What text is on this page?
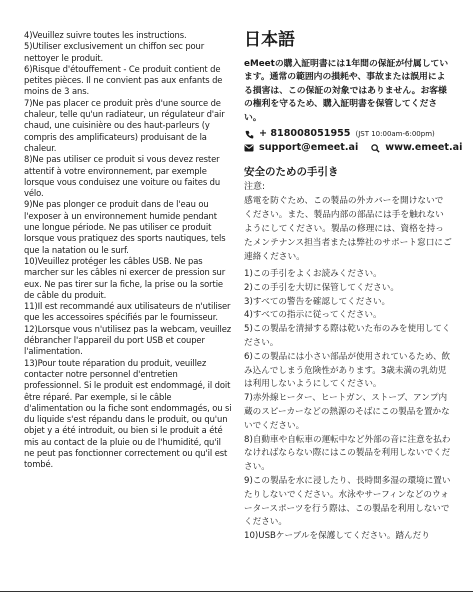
4)Veuillez suivre toutes les instructions.

5)Utiliser exclusivement un chiffon sec pour nettoyer le produit.

6)Risque d'étouffement - Ce produit contient de petites pièces. Il ne convient pas aux enfants de moins de 3 ans.

7)Ne pas placer ce produit près d'une source de chaleur, telle qu'un radiateur, un régulateur d'air chaud, une cuisinière ou des haut-parleurs (y compris des amplificateurs) produisant de la chaleur.

8)Ne pas utiliser ce produit si vous devez rester attentif à votre environnement, par exemple lorsque vous conduisez une voiture ou faites du vélo.

9)Ne pas plonger ce produit dans de l'eau ou l'exposer à un environnement humide pendant une longue période. Ne pas utiliser ce produit lorsque vous pratiquez des sports nautiques, tels que la natation ou le surf.

10)Veuillez protéger les câbles USB. Ne pas marcher sur les câbles ni exercer de pression sur eux. Ne pas tirer sur la fiche, la prise ou la sortie de câble du produit.

11)Il est recommandé aux utilisateurs de n'utiliser que les accessoires spécifiés par le fournisseur.

12)Lorsque vous n'utilisez pas la webcam, veuillez débrancher l'appareil du port USB et couper l'alimentation.

13)Pour toute réparation du produit, veuillez contacter notre personnel d'entretien professionnel. Si le produit est endommagé, il doit être réparé. Par exemple, si le câble d'alimentation ou la fiche sont endommagés, ou si du liquide s'est répandu dans le produit, ou qu'un objet y a été introduit, ou bien si le produit a été mis au contact de la pluie ou de l'humidité, qu'il ne peut pas fonctionner correctement ou qu'il est tombé.

日本語

eMeetの購入証明書には1年間の保証が付属しています。通常の範囲内の損耗や、事故または誤用による損害は、この保証の対象ではありません。お客様の権利を守るため、購入証明書を保管してください。

+ 818008051955 (JST 10:00am-6:00pm)
support@emeet.ai	www.emeet.ai
安全のための手引き

注意:

感電を防ぐため、この製品の外カバーを開けないでください。また、製品内部の部品には手を触れないようにしてください。製品の修理には、資格を持ったメンテナンス担当者または弊社のサポート窓口にご連絡ください。

1)この手引をよくお読みください。

2)この手引を大切に保管してください。

3)すべての警告を確認してください。

4)すべての指示に従ってください。

5)この製品を清掃する際は乾いた布のみを使用してください。

6)この製品には小さい部品が使用されているため、飲み込んでしまう危険性があります。3歳未満の乳幼児は利用しないようにしてください。

7)赤外線ヒーター、ヒートガン、ストーブ、アンプ内蔵のスピーカーなどの熱源のそばにこの製品を置かないでください。

8)自動車や自転車の運転中など外部の音に注意を払わなければならない際にはこの製品を利用しないでください。

9)この製品を水に浸したり、長時間多湿の環境に置いたりしないでください。水泳やサーフィンなどのウォータースポーツを行う際は、この製品を利用しないでください。

10)USBケーブルを保護してください。踏んだり
